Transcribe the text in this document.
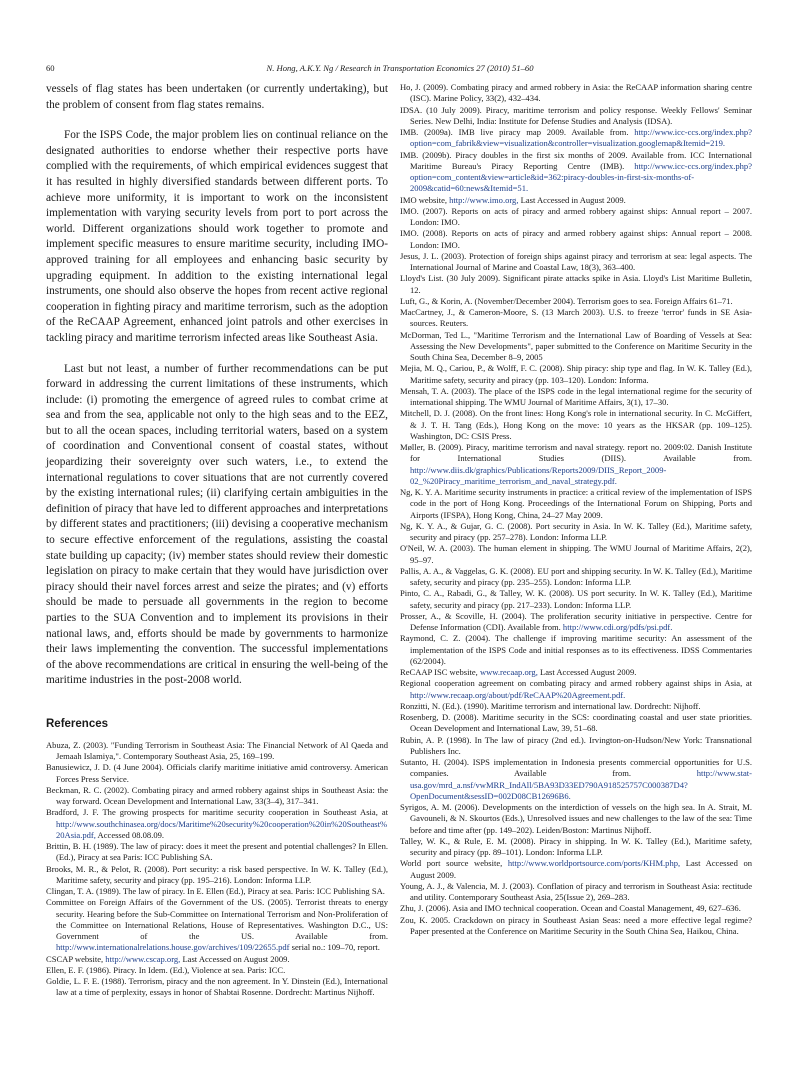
60	N. Hong, A.K.Y. Ng / Research in Transportation Economics 27 (2010) 51–60

vessels of flag states has been undertaken (or currently undertaking), but the problem of consent from flag states remains.

For the ISPS Code, the major problem lies on continual reliance on the designated authorities to endorse whether their respective ports have complied with the requirements, of which empirical evidences suggest that it has resulted in highly diversified standards between different ports. To achieve more uniformity, it is important to work on the inconsistent implementation with varying security levels from port to port across the world. Different organizations should work together to promote and implement specific measures to ensure maritime security, including IMO-approved training for all employees and enhancing basic security by upgrading equipment. In addition to the existing international legal instruments, one should also observe the hopes from recent active regional cooperation in fighting piracy and maritime terrorism, such as the adoption of the ReCAAP Agreement, enhanced joint patrols and other exercises in tackling piracy and maritime terrorism infected areas like Southeast Asia.

Last but not least, a number of further recommendations can be put forward in addressing the current limitations of these instruments, which include: (i) promoting the emergence of agreed rules to combat crime at sea and from the sea, applicable not only to the high seas and to the EEZ, but to all the ocean spaces, including territorial waters, based on a system of coordination and Conventional consent of coastal states, without jeopardizing their sovereignty over such waters, i.e., to extend the international regulations to cover situations that are not currently covered by the existing international rules; (ii) clarifying certain ambiguities in the definition of piracy that have led to different approaches and interpretations by different states and practitioners; (iii) devising a cooperative mechanism to secure effective enforcement of the regulations, assisting the coastal state building up capacity; (iv) member states should review their domestic legislation on piracy to make certain that they would have jurisdiction over piracy should their navel forces arrest and seize the pirates; and (v) efforts should be made to persuade all governments in the region to become parties to the SUA Convention and to implement its provisions in their national laws, and, efforts should be made by governments to harmonize their laws implementing the convention. The successful implementations of the above recommendations are critical in ensuring the well-being of the maritime industries in the post-2008 world.

References

Abuza, Z. (2003). "Funding Terrorism in Southeast Asia: The Financial Network of Al Qaeda and Jemaah Islamiya,". Contemporary Southeast Asia, 25, 169–199.

Banusiewicz, J. D. (4 June 2004). Officials clarify maritime initiative amid controversy. American Forces Press Service.

Beckman, R. C. (2002). Combating piracy and armed robbery against ships in Southeast Asia: the way forward. Ocean Development and International Law, 33(3–4), 317–341.

Bradford, J. F. The growing prospects for maritime security cooperation in Southeast Asia, at http://www.southchinasea.org/docs/Maritime%20security%20cooperation%20in%20Southeast%20Asia.pdf, Accessed 08.08.09.

Brittin, B. H. (1989). The law of piracy: does it meet the present and potential challenges? In Ellen. (Ed.), Piracy at sea Paris: ICC Publishing SA.

Brooks, M. R., & Pelot, R. (2008). Port security: a risk based perspective. In W. K. Talley (Ed.), Maritime safety, security and piracy (pp. 195–216). London: Informa LLP.

Clingan, T. A. (1989). The law of piracy. In E. Ellen (Ed.), Piracy at sea. Paris: ICC Publishing SA.

Committee on Foreign Affairs of the Government of the US. (2005). Terrorist threats to energy security. Hearing before the Sub-Committee on International Terrorism and Non-Proliferation of the Committee on International Relations, House of Representatives. Washington D.C., US: Government of the US. Available from. http://www.internationalrelations.house.gov/archives/109/22655.pdf serial no.: 109–70, report.

CSCAP website, http://www.cscap.org, Last Accessed on August 2009.

Ellen, E. F. (1986). Piracy. In Idem. (Ed.), Violence at sea. Paris: ICC.

Goldie, L. F. E. (1988). Terrorism, piracy and the non agreement. In Y. Dinstein (Ed.), International law at a time of perplexity, essays in honor of Shabtai Rosenne. Dordrecht: Martinus Nijhoff.

Ho, J. (2009). Combating piracy and armed robbery in Asia: the ReCAAP information sharing centre (ISC). Marine Policy, 33(2), 432–434.

IDSA. (10 July 2009). Piracy, maritime terrorism and policy response. Weekly Fellows' Seminar Series. New Delhi, India: Institute for Defense Studies and Analysis (IDSA).

IMB. (2009a). IMB live piracy map 2009. Available from. http://www.icc-ccs.org/index.php?option=com_fabrik&view=visualization&controller=visualization.googlemap&Itemid=219.

IMB. (2009b). Piracy doubles in the first six months of 2009. Available from. ICC International Maritime Bureau's Piracy Reporting Centre (IMB). http://www.icc-ccs.org/index.php?option=com_content&view=article&id=362:piracy-doubles-in-first-six-months-of-2009&catid=60:news&Itemid=51.

IMO website, http://www.imo.org, Last Accessed in August 2009.

IMO. (2007). Reports on acts of piracy and armed robbery against ships: Annual report – 2007. London: IMO.

IMO. (2008). Reports on acts of piracy and armed robbery against ships: Annual report – 2008. London: IMO.

Jesus, J. L. (2003). Protection of foreign ships against piracy and terrorism at sea: legal aspects. The International Journal of Marine and Coastal Law, 18(3), 363–400.

Lloyd's List. (30 July 2009). Significant pirate attacks spike in Asia. Lloyd's List Maritime Bulletin, 12.

Luft, G., & Korin, A. (November/December 2004). Terrorism goes to sea. Foreign Affairs 61–71.

MacCartney, J., & Cameron-Moore, S. (13 March 2003). U.S. to freeze 'terror' funds in SE Asia-sources. Reuters.

McDorman, Ted L., "Maritime Terrorism and the International Law of Boarding of Vessels at Sea: Assessing the New Developments", paper submitted to the Conference on Maritime Security in the South China Sea, December 8–9, 2005

Mejia, M. Q., Cariou, P., & Wolff, F. C. (2008). Ship piracy: ship type and flag. In W. K. Talley (Ed.), Maritime safety, security and piracy (pp. 103–120). London: Informa.

Mensah, T. A. (2003). The place of the ISPS code in the legal international regime for the security of international shipping. The WMU Journal of Maritime Affairs, 3(1), 17–30.

Mitchell, D. J. (2008). On the front lines: Hong Kong's role in international security. In C. McGiffert, & J. T. H. Tang (Eds.), Hong Kong on the move: 10 years as the HKSAR (pp. 109–125). Washington, DC: CSIS Press.

Møller, B. (2009). Piracy, maritime terrorism and naval strategy. report no. 2009:02. Danish Institute for International Studies (DIIS). Available from. http://www.diis.dk/graphics/Publications/Reports2009/DIIS_Report_2009-02_%20Piracy_maritime_terrorism_and_naval_strategy.pdf.

Ng, K. Y. A. Maritime security instruments in practice: a critical review of the implementation of ISPS code in the port of Hong Kong. Proceedings of the International Forum on Shipping, Ports and Airports (IFSPA), Hong Kong, China, 24–27 May 2009.

Ng, K. Y. A., & Gujar, G. C. (2008). Port security in Asia. In W. K. Talley (Ed.), Maritime safety, security and piracy (pp. 257–278). London: Informa LLP.

O'Neil, W. A. (2003). The human element in shipping. The WMU Journal of Maritime Affairs, 2(2), 95–97.

Pallis, A. A., & Vaggelas, G. K. (2008). EU port and shipping security. In W. K. Talley (Ed.), Maritime safety, security and piracy (pp. 235–255). London: Informa LLP.

Pinto, C. A., Rabadi, G., & Talley, W. K. (2008). US port security. In W. K. Talley (Ed.), Maritime safety, security and piracy (pp. 217–233). London: Informa LLP.

Prosser, A., & Scoville, H. (2004). The proliferation security initiative in perspective. Centre for Defense Information (CDI). Available from. http://www.cdi.org/pdfs/psi.pdf.

Raymond, C. Z. (2004). The challenge if improving maritime security: An assessment of the implementation of the ISPS Code and initial responses as to its effectiveness. IDSS Commentaries (62/2004).

ReCAAP ISC website, www.recaap.org, Last Accessed August 2009.

Regional cooperation agreement on combating piracy and armed robbery against ships in Asia, at http://www.recaap.org/about/pdf/ReCAAP%20Agreement.pdf.

Ronzitti, N. (Ed.). (1990). Maritime terrorism and international law. Dordrecht: Nijhoff.

Rosenberg, D. (2008). Maritime security in the SCS: coordinating coastal and user state priorities. Ocean Development and International Law, 39, 51–68.

Rubin, A. P. (1998). In The law of piracy (2nd ed.). Irvington-on-Hudson/New York: Transnational Publishers Inc.

Sutanto, H. (2004). ISPS implementation in Indonesia presents commercial opportunities for U.S. companies. Available from. http://www.stat-usa.gov/mrd_a.nsf/vwMRR_IndAll/5BA93D33ED790A918525757C000387D4?OpenDocument&sessID=002D08CB12696B6.

Syrigos, A. M. (2006). Developments on the interdiction of vessels on the high sea. In A. Strait, M. Gavouneli, & N. Skourtos (Eds.), Unresolved issues and new challenges to the law of the sea: Time before and time after (pp. 149–202). Leiden/Boston: Martinus Nijhoff.

Talley, W. K., & Rule, E. M. (2008). Piracy in shipping. In W. K. Talley (Ed.), Maritime safety, security and piracy (pp. 89–101). London: Informa LLP.

World port source website, http://www.worldportsource.com/ports/KHM.php, Last Accessed on August 2009.

Young, A. J., & Valencia, M. J. (2003). Conflation of piracy and terrorism in Southeast Asia: rectitude and utility. Contemporary Southeast Asia, 25(Issue 2), 269–283.

Zhu, J. (2006). Asia and IMO technical cooperation. Ocean and Coastal Management, 49, 627–636.

Zou, K. 2005. Crackdown on piracy in Southeast Asian Seas: need a more effective legal regime? Paper presented at the Conference on Maritime Security in the South China Sea, Haikou, China.
